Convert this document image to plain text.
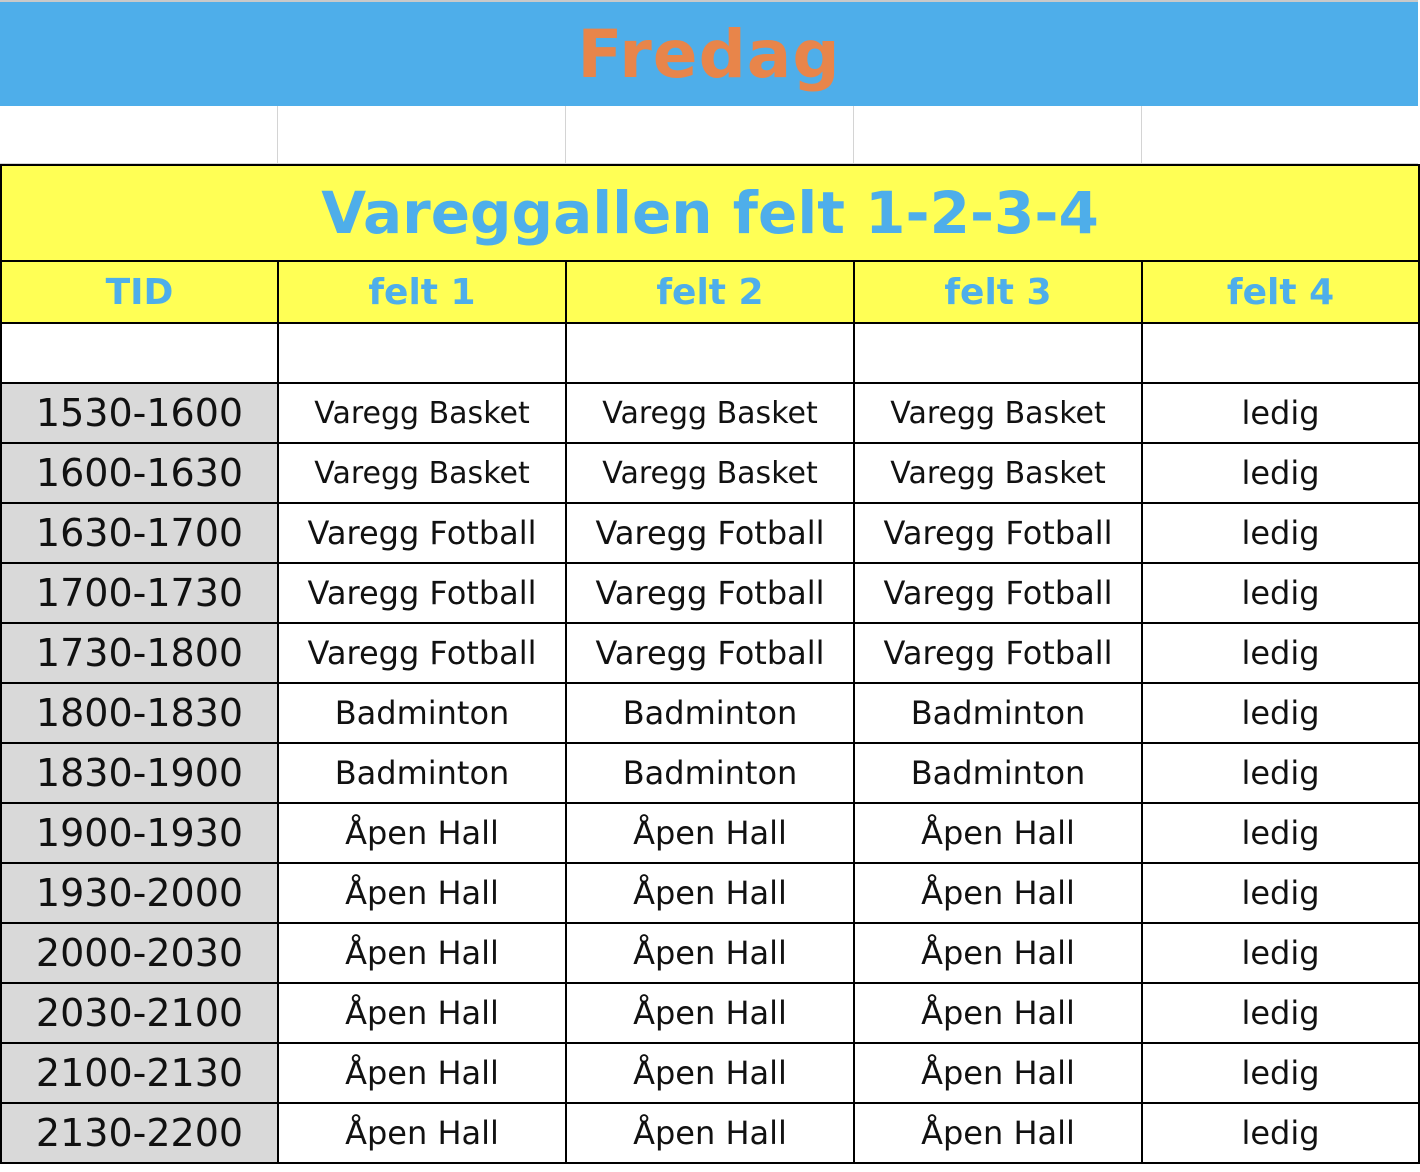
Fredag
Vareggallen felt 1-2-3-4				
TID	felt 1	felt 2	felt 3	felt 4

1530-1600	Varegg Basket	Varegg Basket	Varegg Basket	ledig
1600-1630	Varegg Basket	Varegg Basket	Varegg Basket	ledig
1630-1700	Varegg Fotball	Varegg Fotball	Varegg Fotball	ledig
1700-1730	Varegg Fotball	Varegg Fotball	Varegg Fotball	ledig
1730-1800	Varegg Fotball	Varegg Fotball	Varegg Fotball	ledig
1800-1830	Badminton	Badminton	Badminton	ledig
1830-1900	Badminton	Badminton	Badminton	ledig
1900-1930	Åpen Hall	Åpen Hall	Åpen Hall	ledig
1930-2000	Åpen Hall	Åpen Hall	Åpen Hall	ledig
2000-2030	Åpen Hall	Åpen Hall	Åpen Hall	ledig
2030-2100	Åpen Hall	Åpen Hall	Åpen Hall	ledig
2100-2130	Åpen Hall	Åpen Hall	Åpen Hall	ledig
2130-2200	Åpen Hall	Åpen Hall	Åpen Hall	ledig
